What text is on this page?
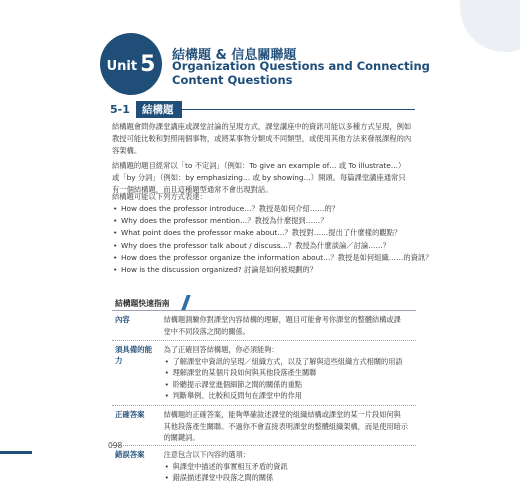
Unit 5 結構題 & 信息關聯題
Organization Questions and Connecting Content Questions
5-1	結構題

結構題會問你課堂講座或課堂討論的呈現方式，課堂講座中的資訊可能以多種方式呈現，例如教授可能比較和對照兩個事物，或將某事物分類成不同類型，或使用其他方法來發展課程的內容架構。

結構題的題目經常以「to 不定詞」（例如：To give an example of… 或 To illustrate…）或「by 分詞」（例如：by emphasizing… 或 by showing…）開頭。每篇課堂講座通常只有一個結構題，而且這種題型通常不會出現對話。

結構題可能以下列方式表達：

• How does the professor introduce…？教授是如何介紹……的？
• Why does the professor mention…？教授為什麼提到……？
• What point does the professor make about…？教授對……提出了什麼樣的觀點？
• Why does the professor talk about / discuss…？教授為什麼談論／討論……？
• How does the professor organize the information about…？教授是如何組織……的資訊？
• How is the discussion organized? 討論是如何被規劃的？
結構題快速指南
內容	結構題測驗你對課堂內容結構的理解，題目可能會考你課堂的整體結構或課
堂中不同段落之間的關係。
須具備的能力
為了正確回答結構題，你必須能夠：
• 了解課堂中資訊的呈現／組織方式，以及了解與這些組織方式相關的用語
• 理解課堂的某個片段如何與其他段落產生關聯
• 聆聽提示課堂進個細節之間的關係的重點
• 判斷舉例、比較和反問句在課堂中的作用
正確答案	結構題的正確答案，能夠準確敘述課堂的組織結構或課堂的某一片段如何與
其他段落產生關聯。不過你不會直接表明課堂的整體組織架構，而是使用暗示
的關鍵詞。
錯誤答案	注意包含以下內容的選項：
• 與課堂中描述的事實相互矛盾的資訊
• 錯誤描述課堂中段落之間的關係
098
